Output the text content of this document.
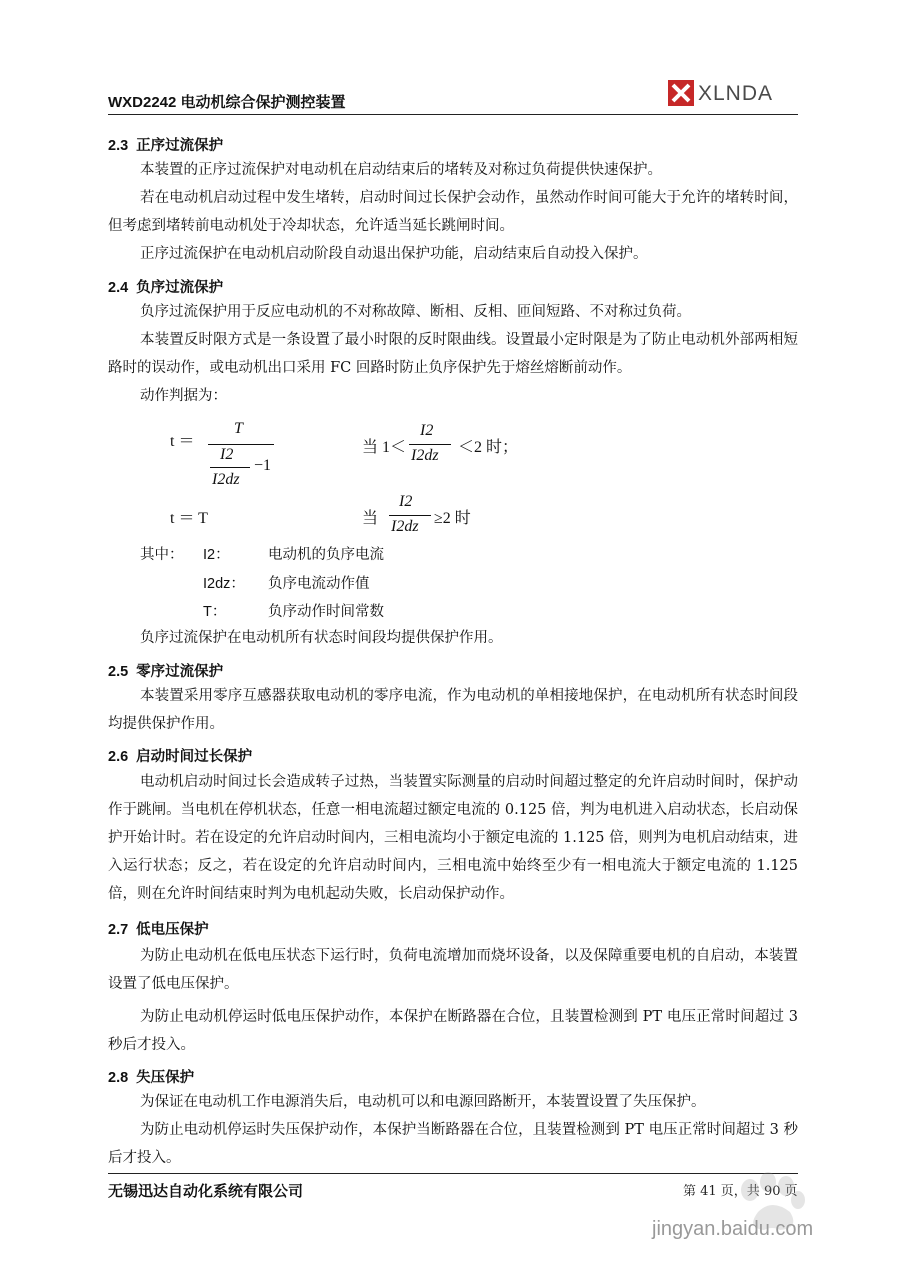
WXD2242 电动机综合保护测控装置	XLNDA
2.3 正序过流保护
本装置的正序过流保护对电动机在启动结束后的堵转及对称过负荷提供快速保护。
若在电动机启动过程中发生堵转，启动时间过长保护会动作，虽然动作时间可能大于允许的堵转时间，但考虑到堵转前电动机处于冷却状态，允许适当延长跳闸时间。
正序过流保护在电动机启动阶段自动退出保护功能，启动结束后自动投入保护。
2.4 负序过流保护
负序过流保护用于反应电动机的不对称故障、断相、反相、匝间短路、不对称过负荷。
本装置反时限方式是一条设置了最小时限的反时限曲线。设置最小定时限是为了防止电动机外部两相短路时的误动作，或电动机出口采用 FC 回路时防止负序保护先于熔丝熔断前动作。
动作判据为：
t ＝
T
I2
I2dz
−1
当 1＜
I2
I2dz ＜2 时；
t ＝ T	当
I2
I2dz ≥2 时
其中： I2：	电动机的负序电流
I2dz： 负序电流动作值
T：	负序动作时间常数
负序过流保护在电动机所有状态时间段均提供保护作用。
2.5 零序过流保护
本装置采用零序互感器获取电动机的零序电流，作为电动机的单相接地保护，在电动机所有状态时间段均提供保护作用。
2.6 启动时间过长保护
电动机启动时间过长会造成转子过热，当装置实际测量的启动时间超过整定的允许启动时间时，保护动作于跳闸。当电机在停机状态，任意一相电流超过额定电流的 0.125 倍，判为电机进入启动状态，长启动保护开始计时。若在设定的允许启动时间内，三相电流均小于额定电流的 1.125 倍，则判为电机启动结束，进入运行状态；反之，若在设定的允许启动时间内，三相电流中始终至少有一相电流大于额定电流的 1.125 倍，则在允许时间结束时判为电机起动失败，长启动保护动作。
2.7 低电压保护
为防止电动机在低电压状态下运行时，负荷电流增加而烧坏设备，以及保障重要电机的自启动，本装置设置了低电压保护。
为防止电动机停运时低电压保护动作，本保护在断路器在合位，且装置检测到 PT 电压正常时间超过 3 秒后才投入。
2.8 失压保护
为保证在电动机工作电源消失后，电动机可以和电源回路断开，本装置设置了失压保护。
为防止电动机停运时失压保护动作，本保护当断路器在合位，且装置检测到 PT 电压正常时间超过 3 秒后才投入。
无锡迅达自动化系统有限公司	第 41 页，共 90 页
jingyan.baidu.com
